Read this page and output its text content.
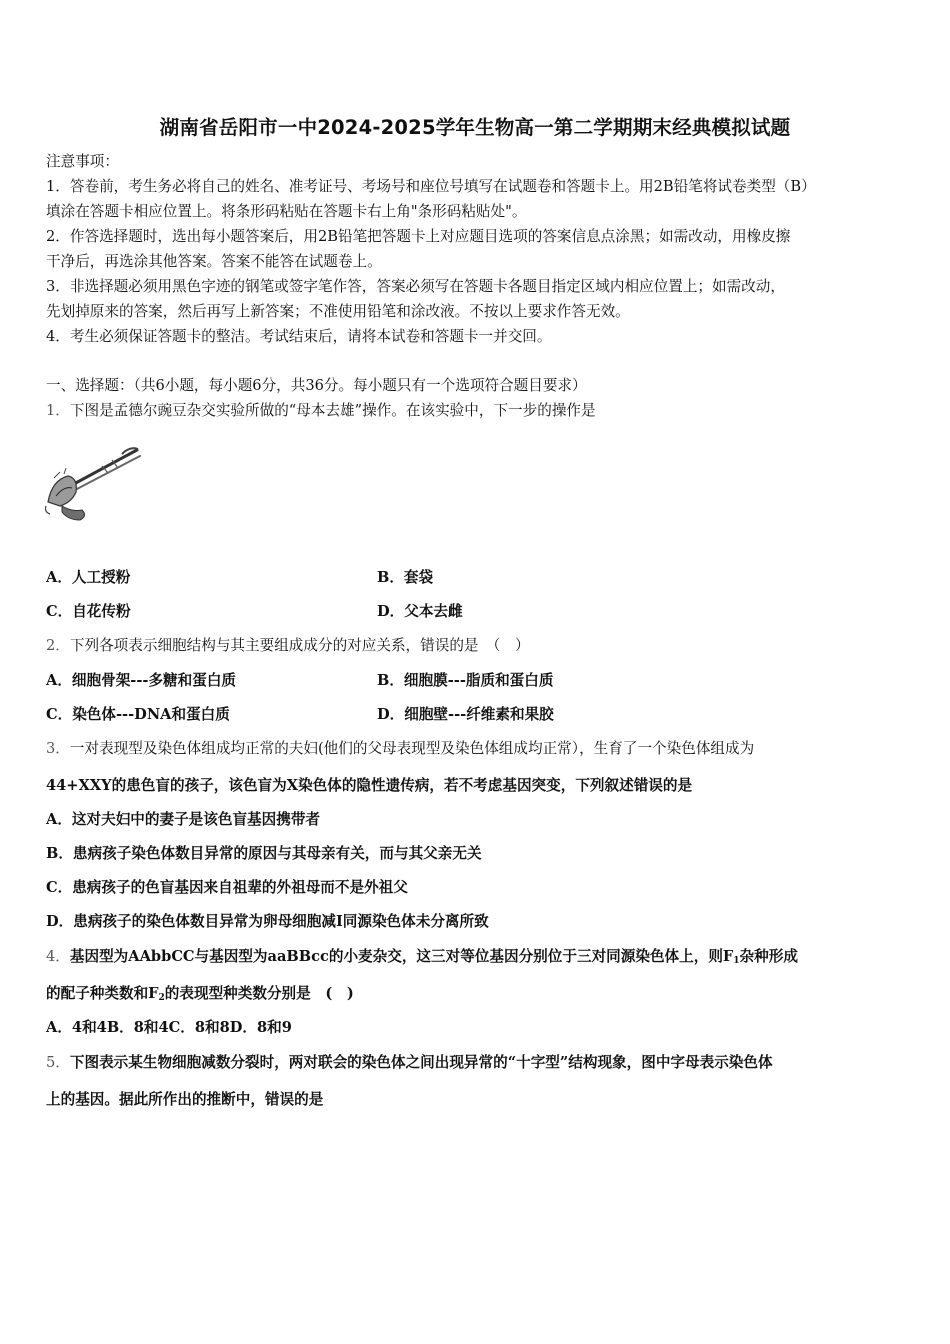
湖南省岳阳市一中2024-2025学年生物高一第二学期期末经典模拟试题
注意事项：
1．答卷前，考生务必将自己的姓名、准考证号、考场号和座位号填写在试题卷和答题卡上。用2B铅笔将试卷类型（B）
填涂在答题卡相应位置上。将条形码粘贴在答题卡右上角"条形码粘贴处"。
2．作答选择题时，选出每小题答案后，用2B铅笔把答题卡上对应题目选项的答案信息点涂黑；如需改动，用橡皮擦
干净后，再选涂其他答案。答案不能答在试题卷上。
3．非选择题必须用黑色字迹的钢笔或签字笔作答，答案必须写在答题卡各题目指定区域内相应位置上；如需改动，
先划掉原来的答案，然后再写上新答案；不准使用铅笔和涂改液。不按以上要求作答无效。
4．考生必须保证答题卡的整洁。考试结束后，请将本试卷和答题卡一并交回。
一、选择题：（共6小题，每小题6分，共36分。每小题只有一个选项符合题目要求）
1．下图是孟德尔豌豆杂交实验所做的“母本去雄”操作。在该实验中，下一步的操作是
A．人工授粉	B．套袋
C．自花传粉	D．父本去雌
2．下列各项表示细胞结构与其主要组成成分的对应关系，错误的是　（　）
A．细胞骨架---多糖和蛋白质	B．细胞膜---脂质和蛋白质
C．染色体---DNA和蛋白质	D．细胞壁---纤维素和果胶
3．一对表现型及染色体组成均正常的夫妇(他们的父母表现型及染色体组成均正常），生育了一个染色体组成为
44+XXY的患色盲的孩子，该色盲为X染色体的隐性遗传病，若不考虑基因突变，下列叙述错误的是
A．这对夫妇中的妻子是该色盲基因携带者
B．患病孩子染色体数目异常的原因与其母亲有关，而与其父亲无关
C．患病孩子的色盲基因来自祖辈的外祖母而不是外祖父
D．患病孩子的染色体数目异常为卵母细胞减Ⅰ同源染色体未分离所致
4．基因型为AAbbCC与基因型为aaBBcc的小麦杂交，这三对等位基因分别位于三对同源染色体上，则$F_1$杂种形成
的配子种类数和$F_2$的表现型种类数分别是　(　)
A．4和4B．8和4C．8和8D．8和9
5．下图表示某生物细胞减数分裂时，两对联会的染色体之间出现异常的“十字型”结构现象，图中字母表示染色体
上的基因。据此所作出的推断中，错误的是
